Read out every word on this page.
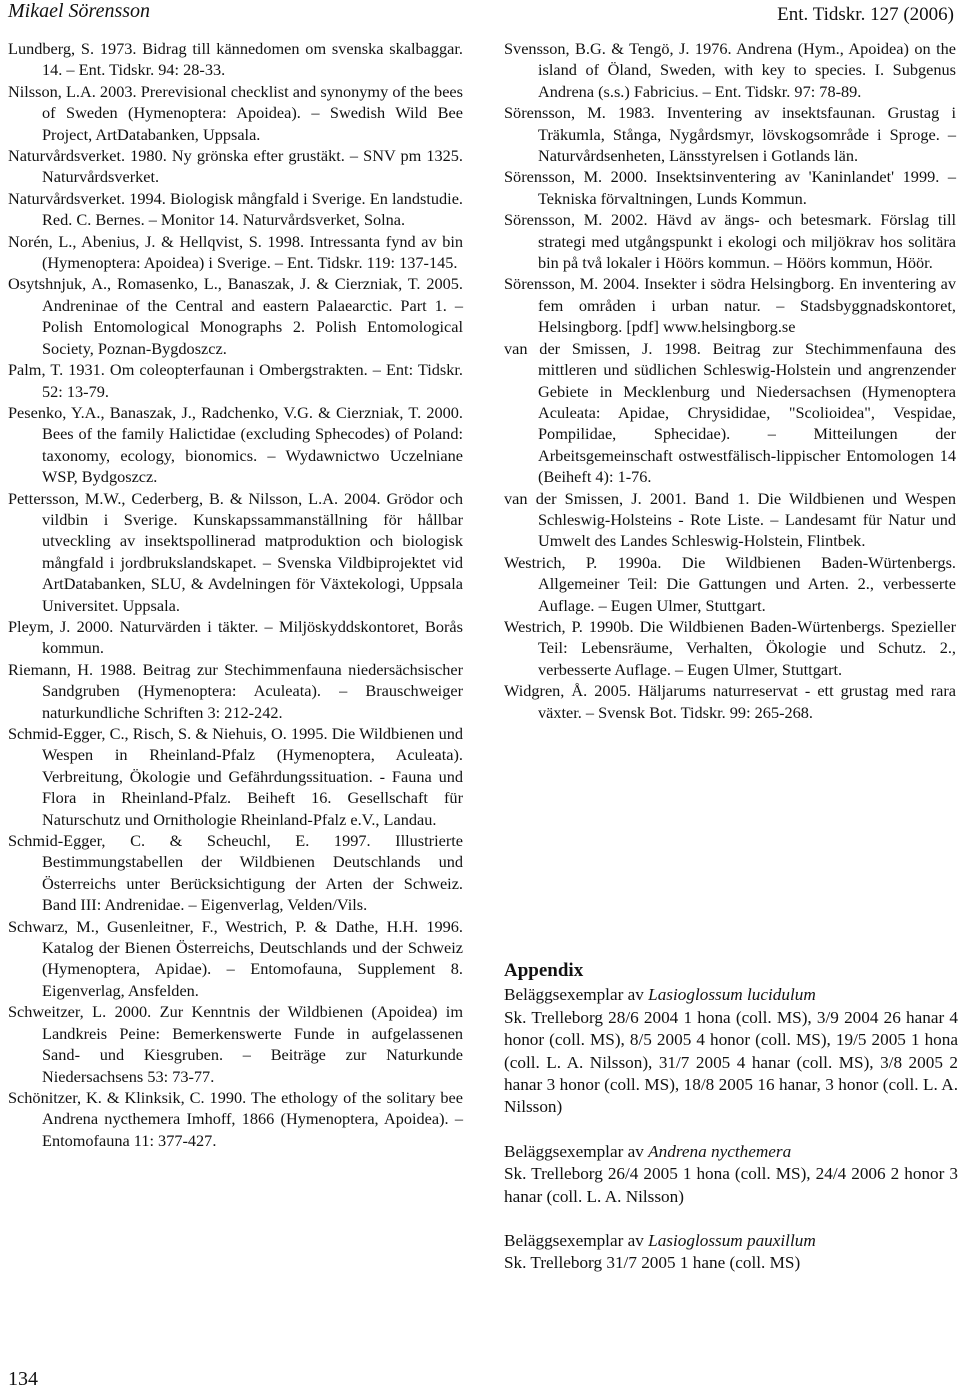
Mikael Sörensson	Ent. Tidskr. 127 (2006)

Lundberg, S. 1973. Bidrag till kännedomen om svenska skalbaggar. 14. – Ent. Tidskr. 94: 28-33.

Nilsson, L.A. 2003. Prerevisional checklist and synonymy of the bees of Sweden (Hymenoptera: Apoidea). – Swedish Wild Bee Project, ArtDatabanken, Uppsala.

Naturvårdsverket. 1980. Ny grönska efter grustäkt. – SNV pm 1325. Naturvårdsverket.

Naturvårdsverket. 1994. Biologisk mångfald i Sverige. En landstudie. Red. C. Bernes. – Monitor 14. Naturvårdsverket, Solna.

Norén, L., Abenius, J. & Hellqvist, S. 1998. Intressanta fynd av bin (Hymenoptera: Apoidea) i Sverige. – Ent. Tidskr. 119: 137-145.

Osytshnjuk, A., Romasenko, L., Banaszak, J. & Cierzniak, T. 2005. Andreninae of the Central and eastern Palaearctic. Part 1. – Polish Entomological Monographs 2. Polish Entomological Society, Poznan-Bygdoszcz.

Palm, T. 1931. Om coleopterfaunan i Ombergstrakten. – Ent: Tidskr. 52: 13-79.

Pesenko, Y.A., Banaszak, J., Radchenko, V.G. & Cierzniak, T. 2000. Bees of the family Halictidae (excluding Sphecodes) of Poland: taxonomy, ecology, bionomics. – Wydawnictwo Uczelniane WSP, Bydgoszcz.

Pettersson, M.W., Cederberg, B. & Nilsson, L.A. 2004. Grödor och vildbin i Sverige. Kunskapssammanställning för hållbar utveckling av insektspollinerad matproduktion och biologisk mångfald i jordbrukslandskapet. – Svenska Vildbiprojektet vid ArtDatabanken, SLU, & Avdelningen för Växtekologi, Uppsala Universitet. Uppsala.

Pleym, J. 2000. Naturvärden i täkter. – Miljöskyddskontoret, Borås kommun.

Riemann, H. 1988. Beitrag zur Stechimmenfauna niedersächsischer Sandgruben (Hymenoptera: Aculeata). – Brauschweiger naturkundliche Schriften 3: 212-242.

Schmid-Egger, C., Risch, S. & Niehuis, O. 1995. Die Wildbienen und Wespen in Rheinland-Pfalz (Hymenoptera, Aculeata). Verbreitung, Ökologie und Gefährdungssituation. - Fauna und Flora in Rheinland-Pfalz. Beiheft 16. Gesellschaft für Naturschutz und Ornithologie Rheinland-Pfalz e.V., Landau.

Schmid-Egger, C. & Scheuchl, E. 1997. Illustrierte Bestimmungstabellen der Wildbienen Deutschlands und Österreichs unter Berücksichtigung der Arten der Schweiz. Band III: Andrenidae. – Eigenverlag, Velden/Vils.

Schwarz, M., Gusenleitner, F., Westrich, P. & Dathe, H.H. 1996. Katalog der Bienen Österreichs, Deutschlands und der Schweiz (Hymenoptera, Apidae). – Entomofauna, Supplement 8. Eigenverlag, Ansfelden.

Schweitzer, L. 2000. Zur Kenntnis der Wildbienen (Apoidea) im Landkreis Peine: Bemerkenswerte Funde in aufgelassenen Sand- und Kiesgruben. – Beiträge zur Naturkunde Niedersachsens 53: 73-77.

Schönitzer, K. & Klinksik, C. 1990. The ethology of the solitary bee Andrena nycthemera Imhoff, 1866 (Hymenoptera, Apoidea). – Entomofauna 11: 377-427.

Svensson, B.G. & Tengö, J. 1976. Andrena (Hym., Apoidea) on the island of Öland, Sweden, with key to species. I. Subgenus Andrena (s.s.) Fabricius. – Ent. Tidskr. 97: 78-89.

Sörensson, M. 1983. Inventering av insektsfaunan. Grustag i Träkumla, Stånga, Nygårdsmyr, lövskogsområde i Sproge. – Naturvårdsenheten, Länsstyrelsen i Gotlands län.

Sörensson, M. 2000. Insektsinventering av 'Kaninlandet' 1999. – Tekniska förvaltningen, Lunds Kommun.

Sörensson, M. 2002. Hävd av ängs- och betesmark. Förslag till strategi med utgångspunkt i ekologi och miljökrav hos solitära bin på två lokaler i Höörs kommun. – Höörs kommun, Höör.

Sörensson, M. 2004. Insekter i södra Helsingborg. En inventering av fem områden i urban natur. – Stadsbyggnadskontoret, Helsingborg. [pdf] www.helsingborg.se

van der Smissen, J. 1998. Beitrag zur Stechimmenfauna des mittleren und südlichen Schleswig-Holstein und angrenzender Gebiete in Mecklenburg und Niedersachsen (Hymenoptera Aculeata: Apidae, Chrysididae, "Scolioidea", Vespidae, Pompilidae, Sphecidae). – Mitteilungen der Arbeitsgemeinschaft ostwestfälisch-lippischer Entomologen 14 (Beiheft 4): 1-76.

van der Smissen, J. 2001. Band 1. Die Wildbienen und Wespen Schleswig-Holsteins - Rote Liste. – Landesamt für Natur und Umwelt des Landes Schleswig-Holstein, Flintbek.

Westrich, P. 1990a. Die Wildbienen Baden-Würtenbergs. Allgemeiner Teil: Die Gattungen und Arten. 2., verbesserte Auflage. – Eugen Ulmer, Stuttgart.

Westrich, P. 1990b. Die Wildbienen Baden-Würtenbergs. Spezieller Teil: Lebensräume, Verhalten, Ökologie und Schutz. 2., verbesserte Auflage. – Eugen Ulmer, Stuttgart.

Widgren, Å. 2005. Häljarums naturreservat - ett grustag med rara växter. – Svensk Bot. Tidskr. 99: 265-268.

Appendix

Beläggsexemplar av Lasioglossum lucidulum

Sk. Trelleborg 28/6 2004 1 hona (coll. MS), 3/9 2004 26 hanar 4 honor (coll. MS), 8/5 2005 4 honor (coll. MS), 19/5 2005 1 hona (coll. L. A. Nilsson), 31/7 2005 4 hanar (coll. MS), 3/8 2005 2 hanar 3 honor (coll. MS), 18/8 2005 16 hanar, 3 honor (coll. L. A. Nilsson)

Beläggsexemplar av Andrena nycthemera

Sk. Trelleborg 26/4 2005 1 hona (coll. MS), 24/4 2006 2 honor 3 hanar (coll. L. A. Nilsson)

Beläggsexemplar av Lasioglossum pauxillum

Sk. Trelleborg 31/7 2005 1 hane (coll. MS)

134
